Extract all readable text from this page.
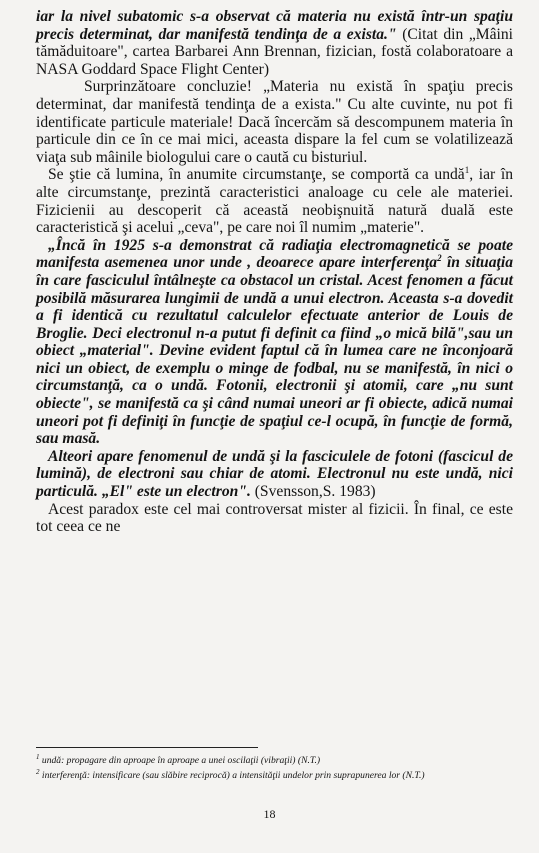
iar la nivel subatomic s-a observat că materia nu există într-un spaţiu precis determinat, dar manifestă tendinţa de a exista." (Citat din „Mâini tămăduitoare", cartea Barbarei Ann Brennan, fizician, fostă colaboratoare a NASA Goddard Space Flight Center)

Surprinzătoare concluzie! „Materia nu există în spaţiu precis determinat, dar manifestă tendinţa de a exista." Cu alte cuvinte, nu pot fi identificate particule materiale! Dacă încercăm să descompunem materia în particule din ce în ce mai mici, aceasta dispare la fel cum se volatilizează viaţa sub mâinile biologului care o caută cu bisturiul.

Se ştie că lumina, în anumite circumstanţe, se comportă ca undă$^1$, iar în alte circumstanţe, prezintă caracteristici analoage cu cele ale materiei. Fizicienii au descoperit că această neobişnuită natură duală este caracteristică şi acelui „ceva", pe care noi îl numim „materie".

„Încă în 1925 s-a demonstrat că radiaţia electromagnetică se poate manifesta asemenea unor unde , deoarece apare interferenţa$^2$ în situaţia în care fasciculul întâlneşte ca obstacol un cristal. Acest fenomen a făcut posibilă măsurarea lungimii de undă a unui electron. Aceasta s-a dovedit a fi identică cu rezultatul calculelor efectuate anterior de Louis de Broglie. Deci electronul n-a putut fi definit ca fiind „o mică bilă",sau un obiect „material". Devine evident faptul că în lumea care ne înconjoară nici un obiect, de exemplu o minge de fodbal, nu se manifestă, în nici o circumstanţă, ca o undă. Fotonii, electronii şi atomii, care „nu sunt obiecte", se manifestă ca şi când numai uneori ar fi obiecte, adică numai uneori pot fi definiţi în funcţie de spaţiul ce-l ocupă, în funcţie de formă, sau masă.

Alteori apare fenomenul de undă şi la fasciculele de fotoni (fascicul de lumină), de electroni sau chiar de atomi. Electronul nu este undă, nici particulă. „El" este un electron". (Svensson,S. 1983)

Acest paradox este cel mai controversat mister al fizicii. În final, ce este tot ceea ce ne

$^1$ undă: propagare din aproape în aproape a unei oscilaţii (vibraţii) (N.T.)

$^2$ interferenţă: intensificare (sau slăbire reciprocă) a intensităţii undelor prin suprapunerea lor (N.T.)

18
